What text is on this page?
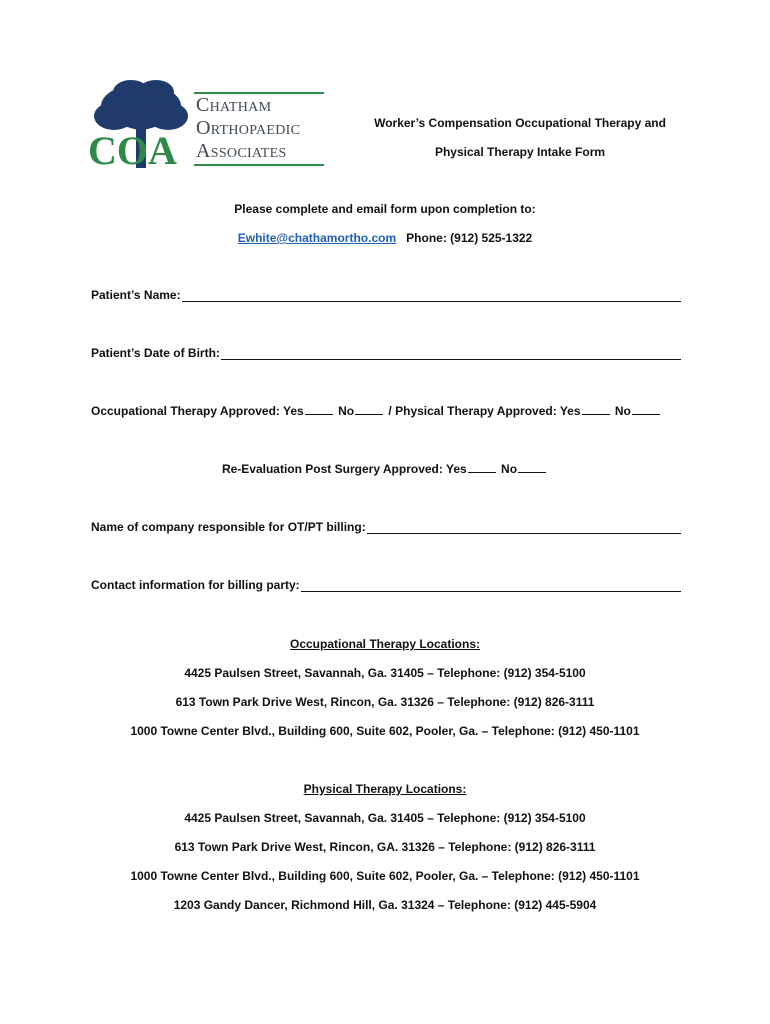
COA
Chatham
Orthopaedic
Associates
Worker’s Compensation Occupational Therapy and
Physical Therapy Intake Form
Please complete and email form upon completion to:
Ewhite@chathamortho.com Phone: (912) 525-1322
Patient’s Name:
Patient’s Date of Birth:
Occupational Therapy Approved: Yes	No	/ Physical Therapy Approved: Yes	No
Re-Evaluation Post Surgery Approved: Yes	No
Name of company responsible for OT/PT billing:
Contact information for billing party:
Occupational Therapy Locations:
4425 Paulsen Street, Savannah, Ga. 31405 – Telephone: (912) 354-5100
613 Town Park Drive West, Rincon, Ga. 31326 – Telephone: (912) 826-3111
1000 Towne Center Blvd., Building 600, Suite 602, Pooler, Ga. – Telephone: (912) 450-1101
Physical Therapy Locations:
4425 Paulsen Street, Savannah, Ga. 31405 – Telephone: (912) 354-5100
613 Town Park Drive West, Rincon, GA. 31326 – Telephone: (912) 826-3111
1000 Towne Center Blvd., Building 600, Suite 602, Pooler, Ga. – Telephone: (912) 450-1101
1203 Gandy Dancer, Richmond Hill, Ga. 31324 – Telephone: (912) 445-5904
